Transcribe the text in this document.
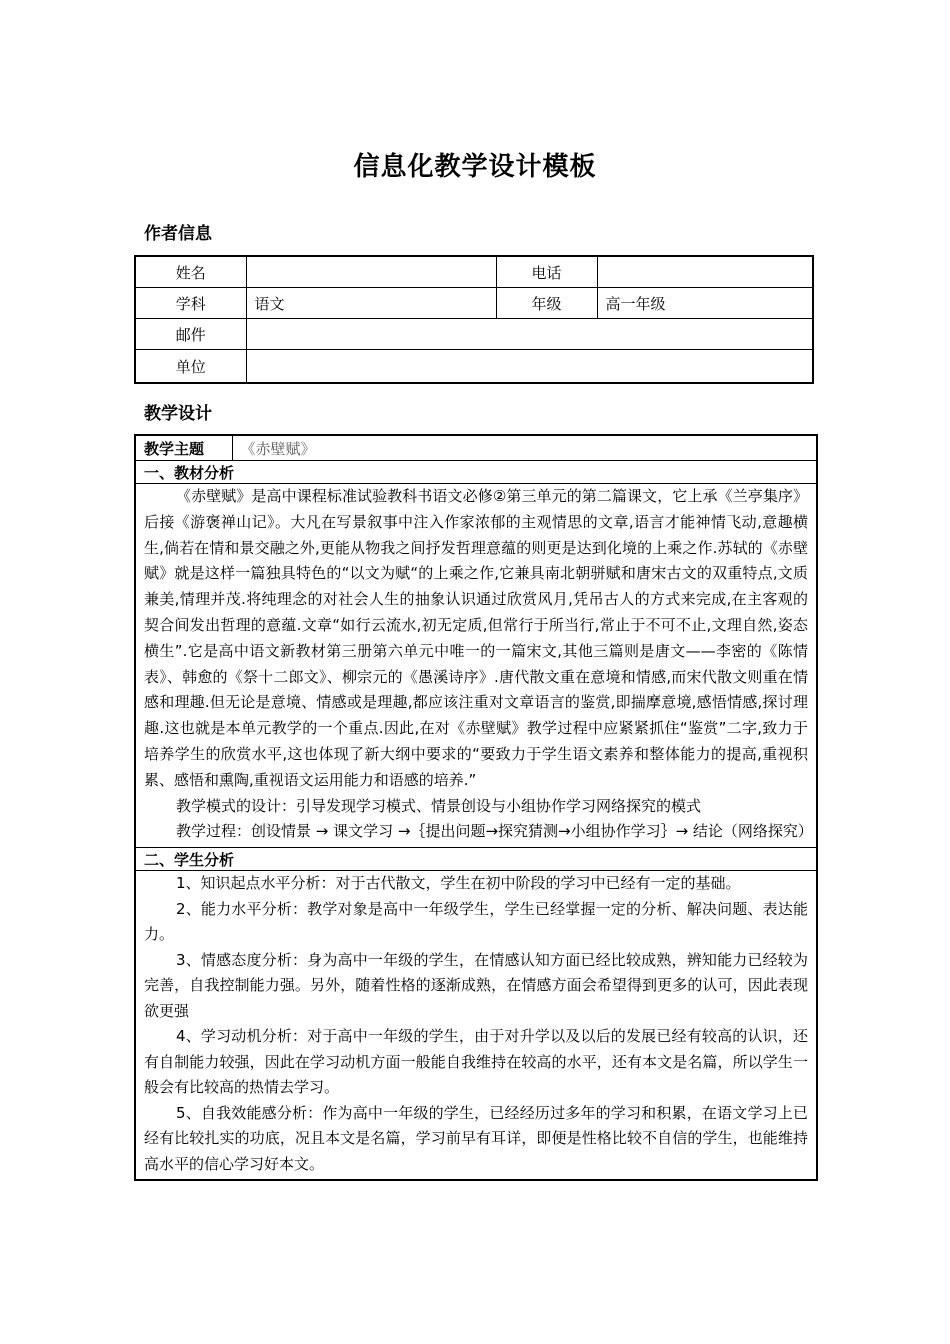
信息化教学设计模板
作者信息
姓名		电话	
学科	语文	年级	高一年级
邮件			
单位			
教学设计
教学主题	《赤壁赋》
一、教材分析

《赤壁赋》是高中课程标准试验教科书语文必修②第三单元的第二篇课文，它上承《兰亭集序》后接《游褒禅山记》。大凡在写景叙事中注入作家浓郁的主观情思的文章,语言才能神情飞动,意趣横生,倘若在情和景交融之外,更能从物我之间抒发哲理意蕴的则更是达到化境的上乘之作.苏轼的《赤壁赋》就是这样一篇独具特色的“以文为赋“的上乘之作,它兼具南北朝骈赋和唐宋古文的双重特点,文质兼美,情理并茂.将纯理念的对社会人生的抽象认识通过欣赏风月,凭吊古人的方式来完成,在主客观的契合间发出哲理的意蕴.文章“如行云流水,初无定质,但常行于所当行,常止于不可不止,文理自然,姿态横生”.它是高中语文新教材第三册第六单元中唯一的一篇宋文,其他三篇则是唐文——李密的《陈情表》、韩愈的《祭十二郎文》、柳宗元的《愚溪诗序》.唐代散文重在意境和情感,而宋代散文则重在情感和理趣.但无论是意境、情感或是理趣,都应该注重对文章语言的鉴赏,即揣摩意境,感悟情感,探讨理趣.这也就是本单元教学的一个重点.因此,在对《赤壁赋》教学过程中应紧紧抓住“鉴赏”二字,致力于培养学生的欣赏水平,这也体现了新大纲中要求的“要致力于学生语文素养和整体能力的提高,重视积累、感悟和熏陶,重视语文运用能力和语感的培养.”

教学模式的设计：引导发现学习模式、情景创设与小组协作学习网络探究的模式

教学过程：创设情景 → 课文学习 →｛提出问题→探究猜测→小组协作学习｝→ 结论（网络探究）

二、学生分析

1、知识起点水平分析：对于古代散文，学生在初中阶段的学习中已经有一定的基础。

2、能力水平分析：教学对象是高中一年级学生，学生已经掌握一定的分析、解决问题、表达能力。

3、情感态度分析：身为高中一年级的学生，在情感认知方面已经比较成熟，辨知能力已经较为完善，自我控制能力强。另外，随着性格的逐渐成熟，在情感方面会希望得到更多的认可，因此表现欲更强

4、学习动机分析：对于高中一年级的学生，由于对升学以及以后的发展已经有较高的认识，还有自制能力较强，因此在学习动机方面一般能自我维持在较高的水平，还有本文是名篇，所以学生一般会有比较高的热情去学习。

5、自我效能感分析：作为高中一年级的学生，已经经历过多年的学习和积累，在语文学习上已经有比较扎实的功底，况且本文是名篇，学习前早有耳详，即便是性格比较不自信的学生，也能维持高水平的信心学习好本文。
